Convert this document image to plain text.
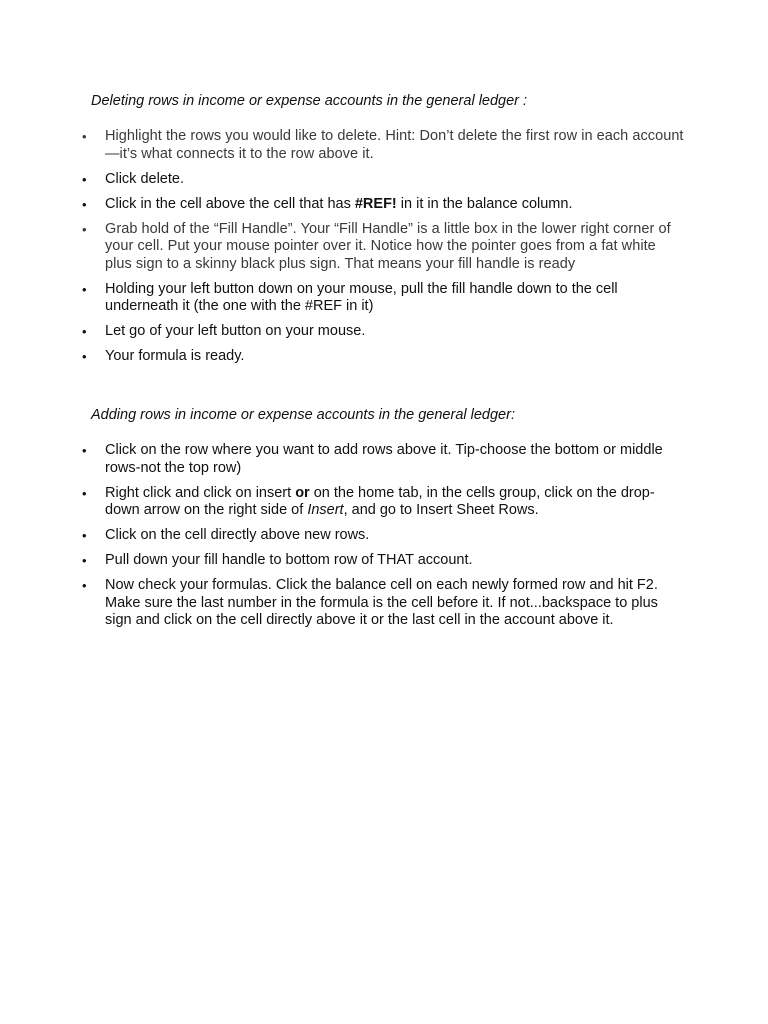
Deleting rows in income or expense accounts in the general ledger :

• Highlight the rows you would like to delete. Hint: Don’t delete the first row in each account—it’s what connects it to the row above it.
• Click delete.
• Click in the cell above the cell that has #REF! in it in the balance column.
• Grab hold of the “Fill Handle”. Your “Fill Handle” is a little box in the lower right corner of your cell. Put your mouse pointer over it. Notice how the pointer goes from a fat white plus sign to a skinny black plus sign. That means your fill handle is ready
• Holding your left button down on your mouse, pull the fill handle down to the cell underneath it (the one with the #REF in it)
• Let go of your left button on your mouse.
• Your formula is ready.

Adding rows in income or expense accounts in the general ledger:

• Click on the row where you want to add rows above it. Tip-choose the bottom or middle rows-not the top row)
• Right click and click on insert or on the home tab, in the cells group, click on the drop-down arrow on the right side of Insert, and go to Insert Sheet Rows.
• Click on the cell directly above new rows.
• Pull down your fill handle to bottom row of THAT account.
• Now check your formulas. Click the balance cell on each newly formed row and hit F2. Make sure the last number in the formula is the cell before it. If not...backspace to plus sign and click on the cell directly above it or the last cell in the account above it.
